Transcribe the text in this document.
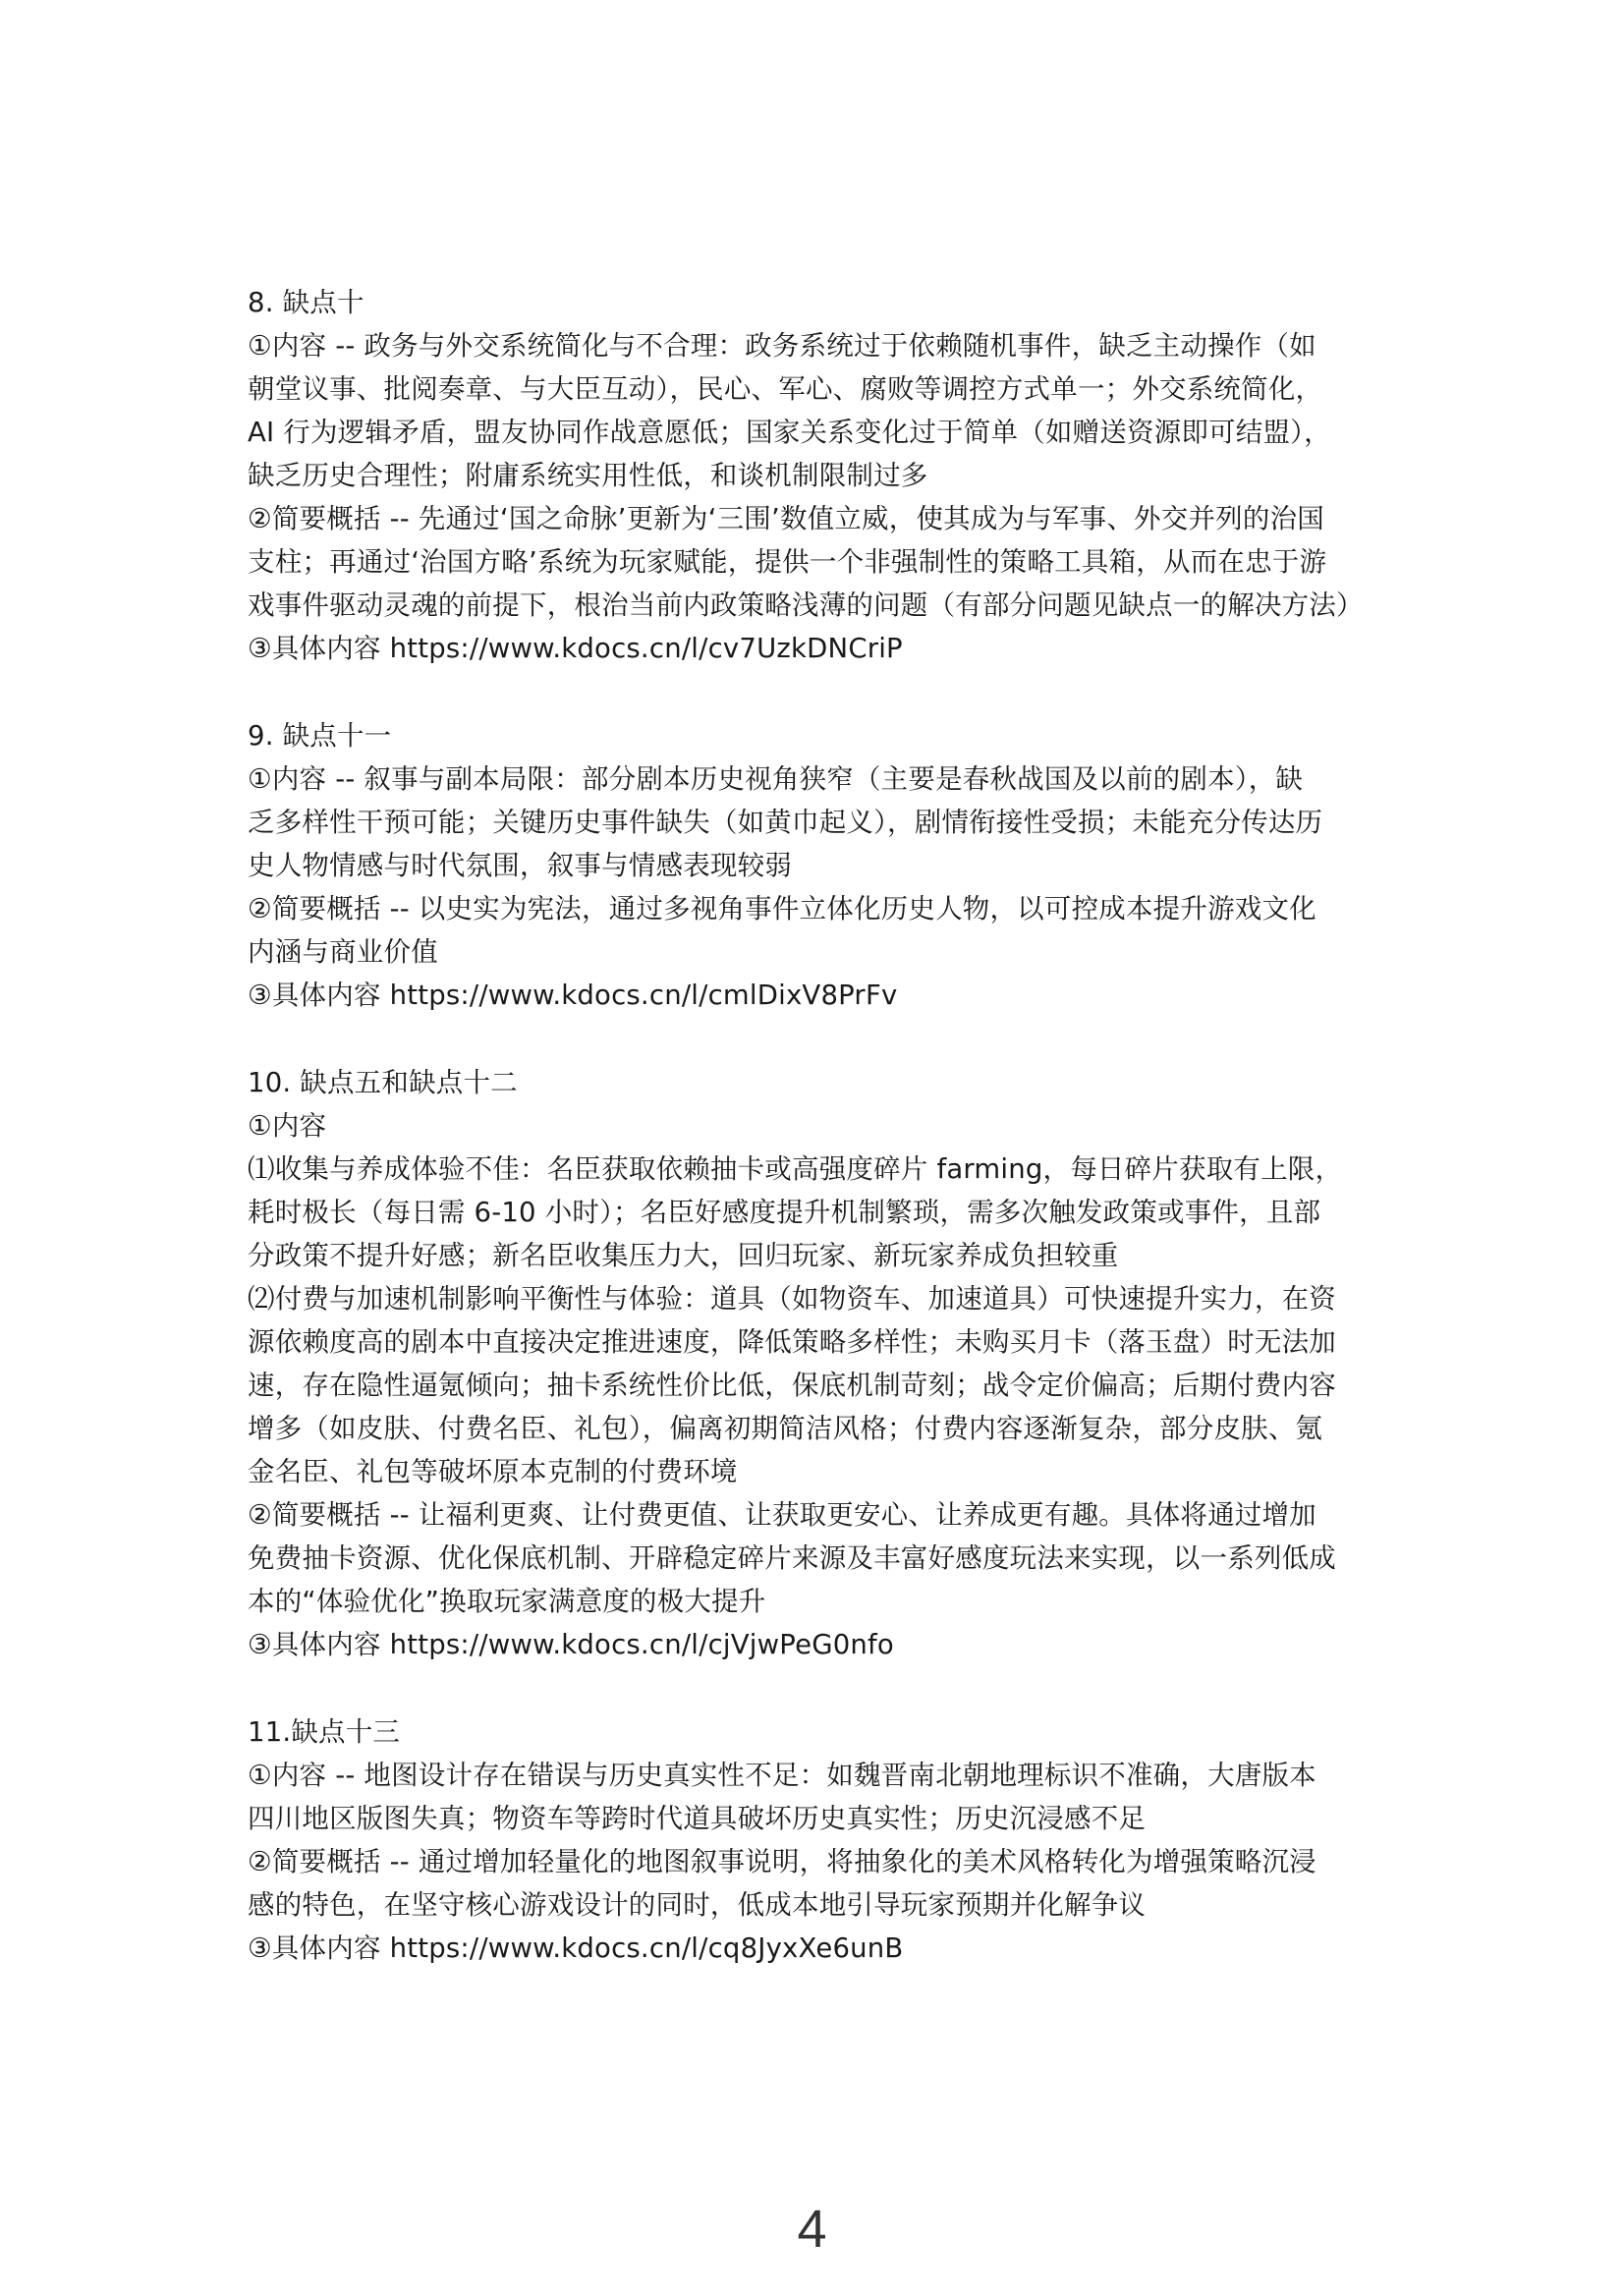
8. 缺点十

①内容 -- 政务与外交系统简化与不合理：政务系统过于依赖随机事件，缺乏主动操作（如

朝堂议事、批阅奏章、与大臣互动），民心、军心、腐败等调控方式单一；外交系统简化，

AI 行为逻辑矛盾，盟友协同作战意愿低；国家关系变化过于简单（如赠送资源即可结盟），

缺乏历史合理性；附庸系统实用性低，和谈机制限制过多

②简要概括 -- 先通过‘国之命脉’更新为‘三围’数值立威，使其成为与军事、外交并列的治国

支柱；再通过‘治国方略’系统为玩家赋能，提供一个非强制性的策略工具箱，从而在忠于游

戏事件驱动灵魂的前提下，根治当前内政策略浅薄的问题（有部分问题见缺点一的解决方法）

③具体内容 https://www.kdocs.cn/l/cv7UzkDNCriP

9. 缺点十一

①内容 -- 叙事与副本局限：部分剧本历史视角狭窄（主要是春秋战国及以前的剧本），缺

乏多样性干预可能；关键历史事件缺失（如黄巾起义），剧情衔接性受损；未能充分传达历

史人物情感与时代氛围，叙事与情感表现较弱

②简要概括 -- 以史实为宪法，通过多视角事件立体化历史人物，以可控成本提升游戏文化

内涵与商业价值

③具体内容 https://www.kdocs.cn/l/cmlDixV8PrFv

10. 缺点五和缺点十二

①内容

⑴收集与养成体验不佳：名臣获取依赖抽卡或高强度碎片 farming，每日碎片获取有上限，

耗时极长（每日需 6-10 小时）；名臣好感度提升机制繁琐，需多次触发政策或事件，且部

分政策不提升好感；新名臣收集压力大，回归玩家、新玩家养成负担较重

⑵付费与加速机制影响平衡性与体验：道具（如物资车、加速道具）可快速提升实力，在资

源依赖度高的剧本中直接决定推进速度，降低策略多样性；未购买月卡（落玉盘）时无法加

速，存在隐性逼氪倾向；抽卡系统性价比低，保底机制苛刻；战令定价偏高；后期付费内容

增多（如皮肤、付费名臣、礼包），偏离初期简洁风格；付费内容逐渐复杂，部分皮肤、氪

金名臣、礼包等破坏原本克制的付费环境

②简要概括 -- 让福利更爽、让付费更值、让获取更安心、让养成更有趣。具体将通过增加

免费抽卡资源、优化保底机制、开辟稳定碎片来源及丰富好感度玩法来实现，以一系列低成

本的“体验优化”换取玩家满意度的极大提升

③具体内容 https://www.kdocs.cn/l/cjVjwPeG0nfo

11.缺点十三

①内容 -- 地图设计存在错误与历史真实性不足：如魏晋南北朝地理标识不准确，大唐版本

四川地区版图失真；物资车等跨时代道具破坏历史真实性；历史沉浸感不足

②简要概括 -- 通过增加轻量化的地图叙事说明，将抽象化的美术风格转化为增强策略沉浸

感的特色，在坚守核心游戏设计的同时，低成本地引导玩家预期并化解争议

③具体内容 https://www.kdocs.cn/l/cq8JyxXe6unB

4
